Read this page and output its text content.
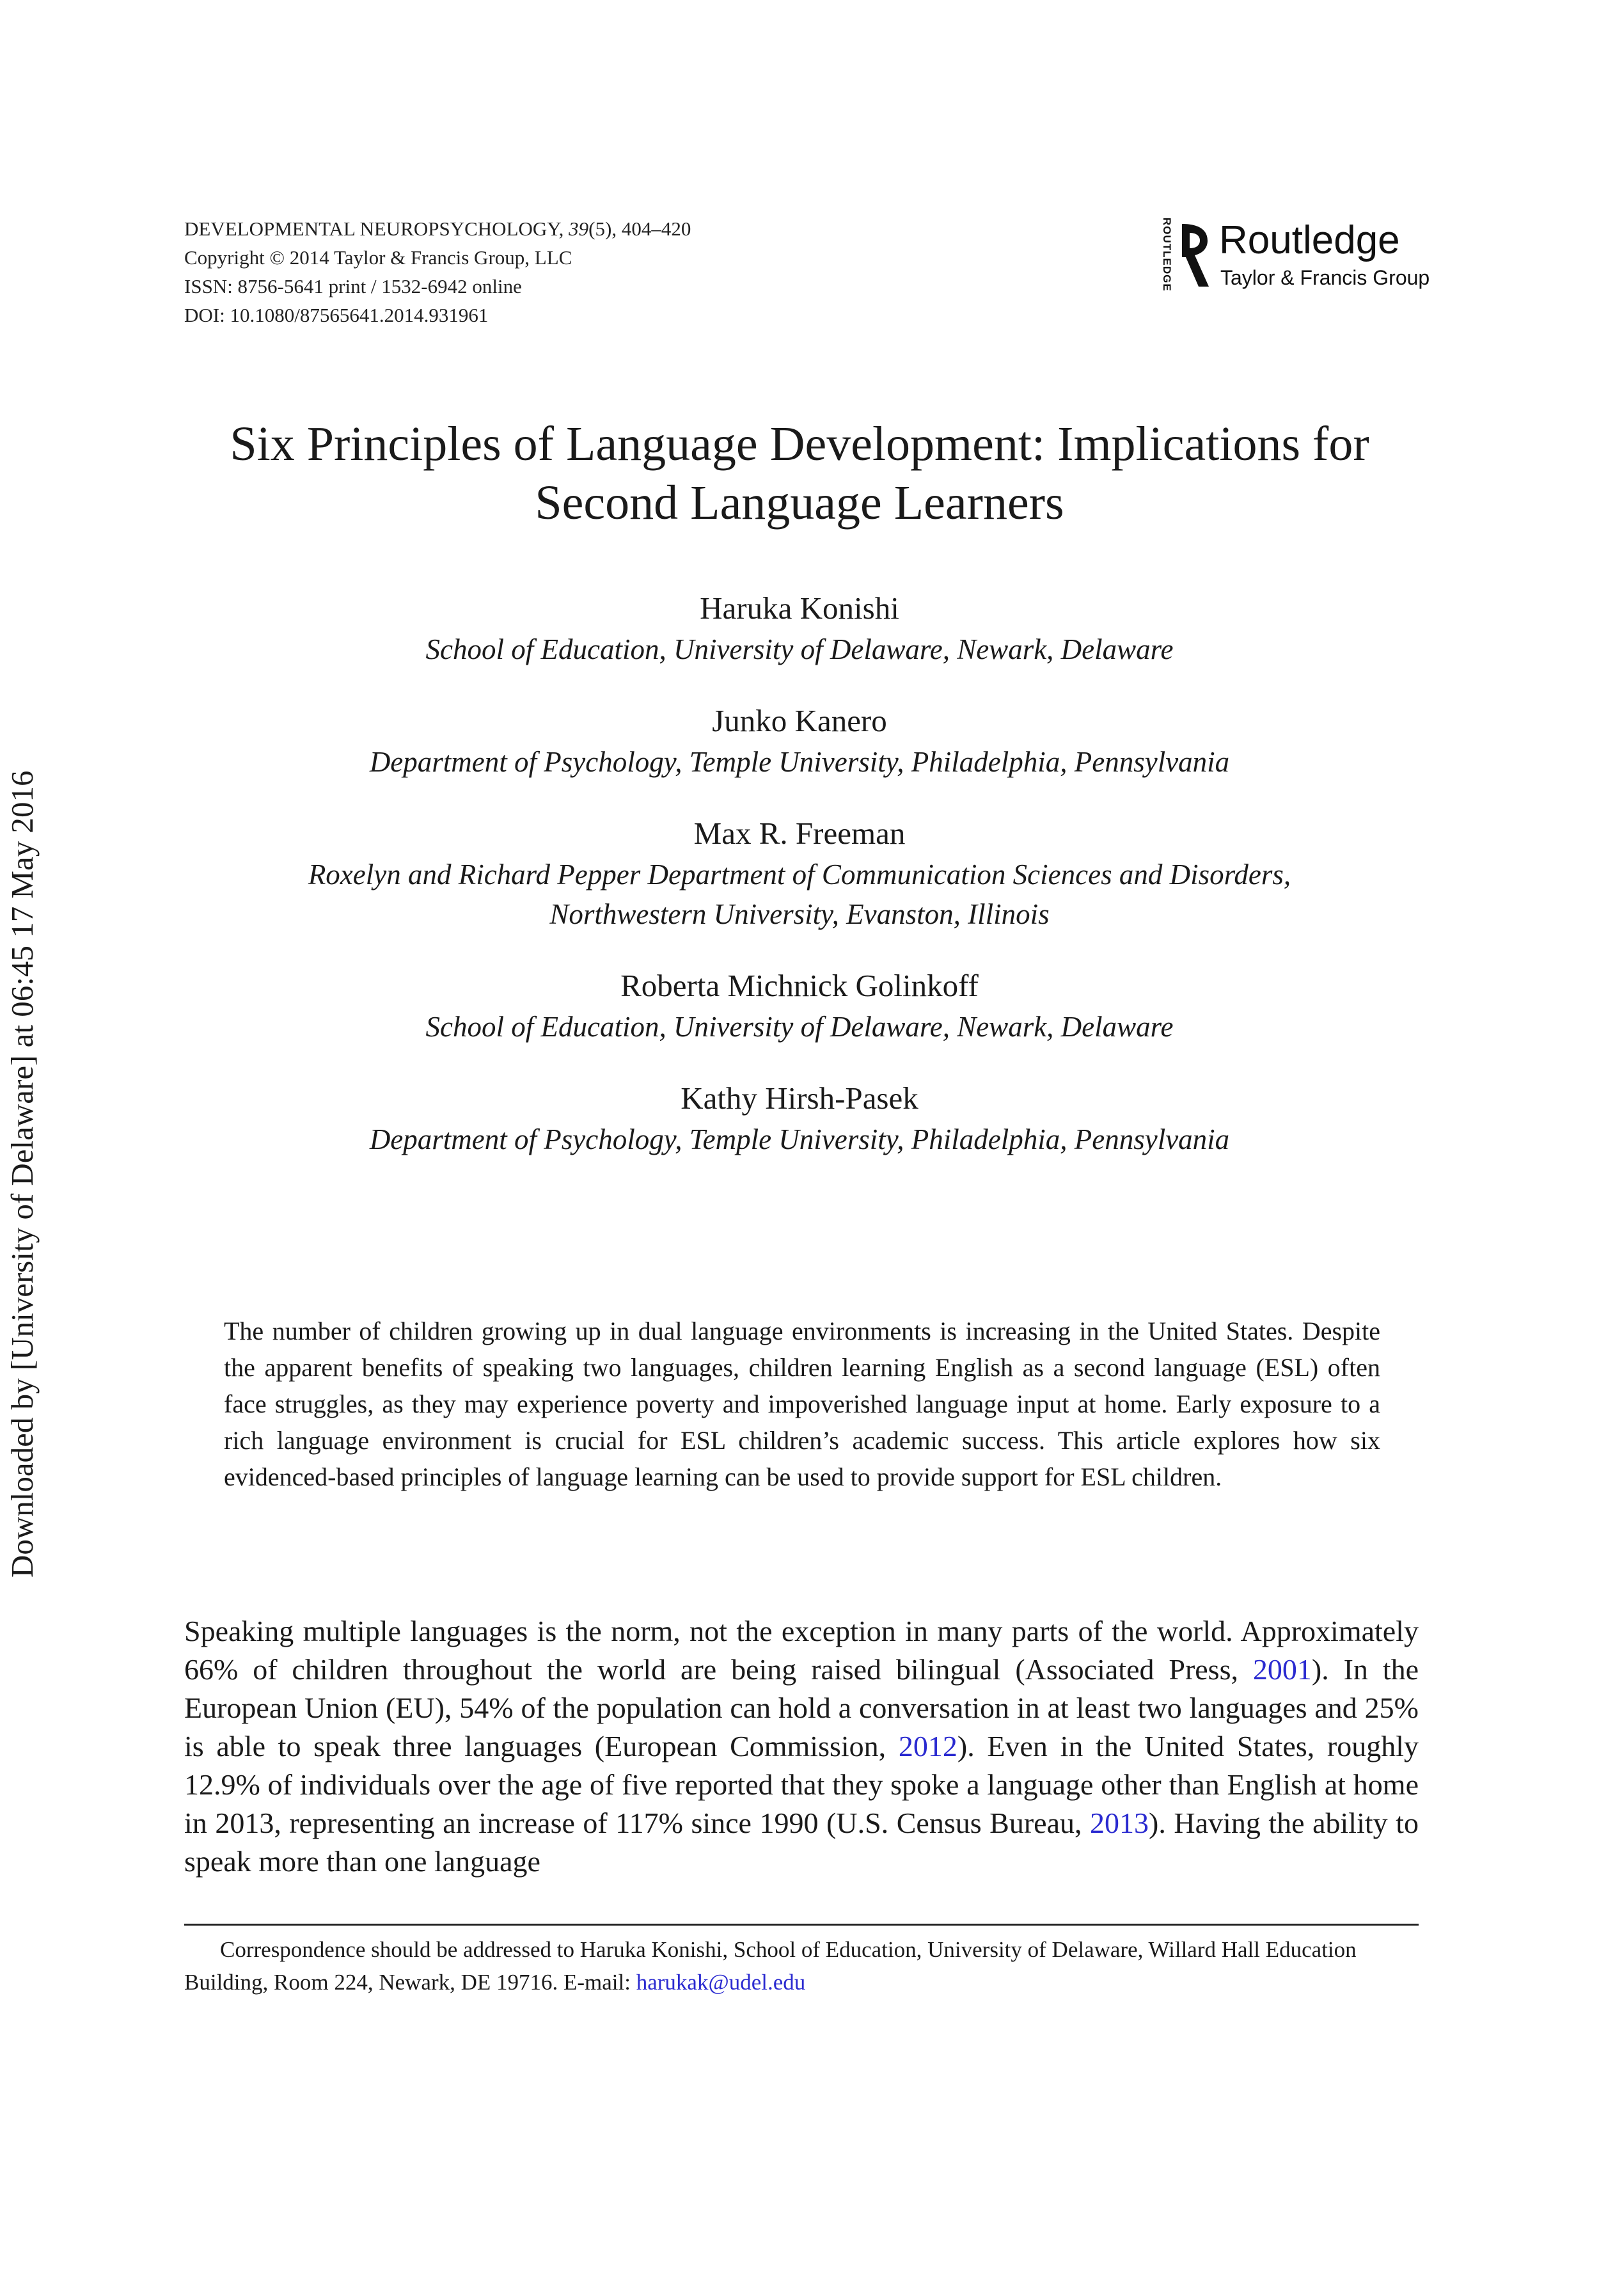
DEVELOPMENTAL NEUROPSYCHOLOGY, 39(5), 404–420
Copyright © 2014 Taylor & Francis Group, LLC
ISSN: 8756-5641 print / 1532-6942 online
DOI: 10.1080/87565641.2014.931961
ROUTLEDGE Routledge
Taylor & Francis Group
Six Principles of Language Development: Implications for
Second Language Learners
Haruka Konishi
School of Education, University of Delaware, Newark, Delaware
Junko Kanero
Department of Psychology, Temple University, Philadelphia, Pennsylvania
Max R. Freeman
Roxelyn and Richard Pepper Department of Communication Sciences and Disorders,
Northwestern University, Evanston, Illinois
Roberta Michnick Golinkoff
School of Education, University of Delaware, Newark, Delaware
Kathy Hirsh-Pasek
Department of Psychology, Temple University, Philadelphia, Pennsylvania
Downloaded by [University of Delaware] at 06:45 17 May 2016	The number of children growing up in dual language environments is increasing in the United States. Despite the apparent benefits of speaking two languages, children learning English as a second language (ESL) often face struggles, as they may experience poverty and impoverished language input at home. Early exposure to a rich language environment is crucial for ESL children’s academic success. This article explores how six evidenced-based principles of language learning can be used to provide support for ESL children.
Speaking multiple languages is the norm, not the exception in many parts of the world. Approximately 66% of children throughout the world are being raised bilingual (Associated Press, 2001). In the European Union (EU), 54% of the population can hold a conversation in at least two languages and 25% is able to speak three languages (European Commission, 2012). Even in the United States, roughly 12.9% of individuals over the age of five reported that they spoke a language other than English at home in 2013, representing an increase of 117% since 1990 (U.S. Census Bureau, 2013). Having the ability to speak more than one language
Correspondence should be addressed to Haruka Konishi, School of Education, University of Delaware, Willard Hall Education Building, Room 224, Newark, DE 19716. E-mail: harukak@udel.edu
